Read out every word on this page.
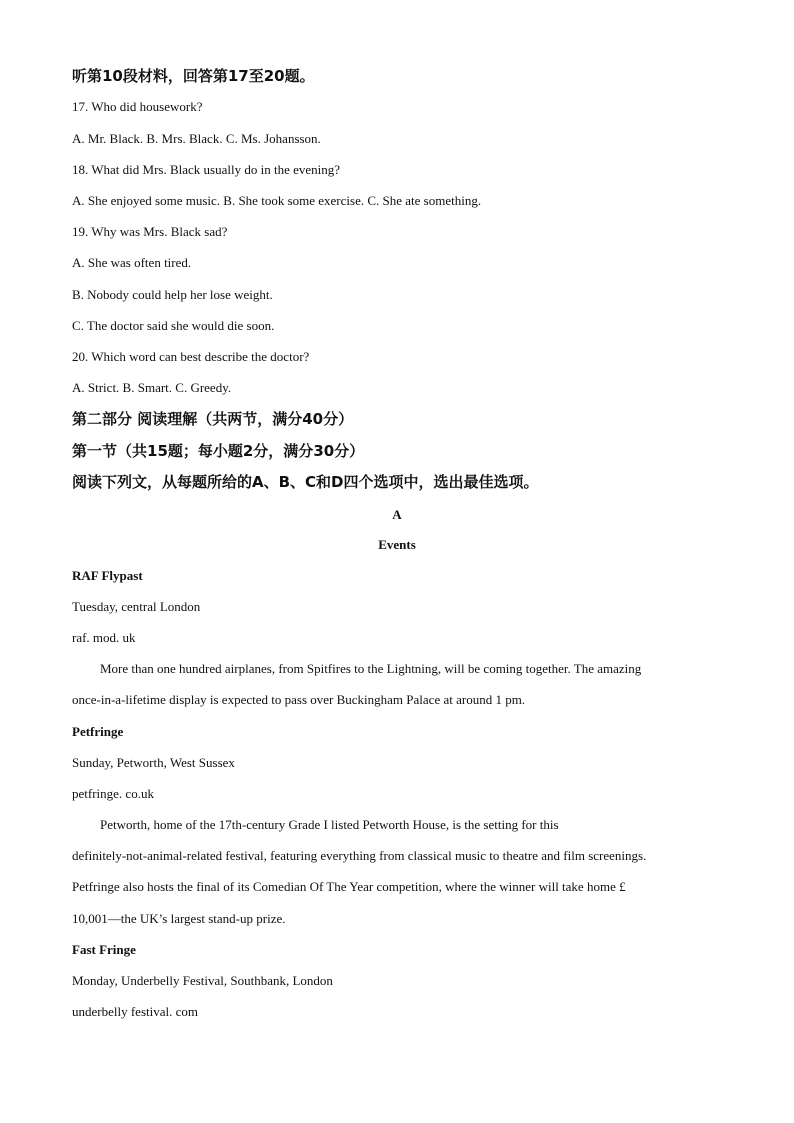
听第10段材料，回答第17至20题。
17. Who did housework?
A. Mr. Black. B. Mrs. Black. C. Ms. Johansson.
18. What did Mrs. Black usually do in the evening?
A. She enjoyed some music. B. She took some exercise. C. She ate something.
19. Why was Mrs. Black sad?
A. She was often tired.
B. Nobody could help her lose weight.
C. The doctor said she would die soon.
20. Which word can best describe the doctor?
A. Strict. B. Smart. C. Greedy.
第二部分 阅读理解（共两节，满分40分）
第一节（共15题；每小题2分，满分30分）
阅读下列文，从每题所给的A、B、C和D四个选项中，选出最佳选项。
A
Events
RAF Flypast
Tuesday, central London
raf. mod. uk
More than one hundred airplanes, from Spitfires to the Lightning, will be coming together. The amazing
once-in-a-lifetime display is expected to pass over Buckingham Palace at around 1 pm.
Petfringe
Sunday, Petworth, West Sussex
petfringe. co.uk
Petworth, home of the 17th-century Grade I listed Petworth House, is the setting for this
definitely-not-animal-related festival, featuring everything from classical music to theatre and film screenings.
Petfringe also hosts the final of its Comedian Of The Year competition, where the winner will take home £
10,001—the UK’s largest stand-up prize.
Fast Fringe
Monday, Underbelly Festival, Southbank, London
underbelly festival. com
